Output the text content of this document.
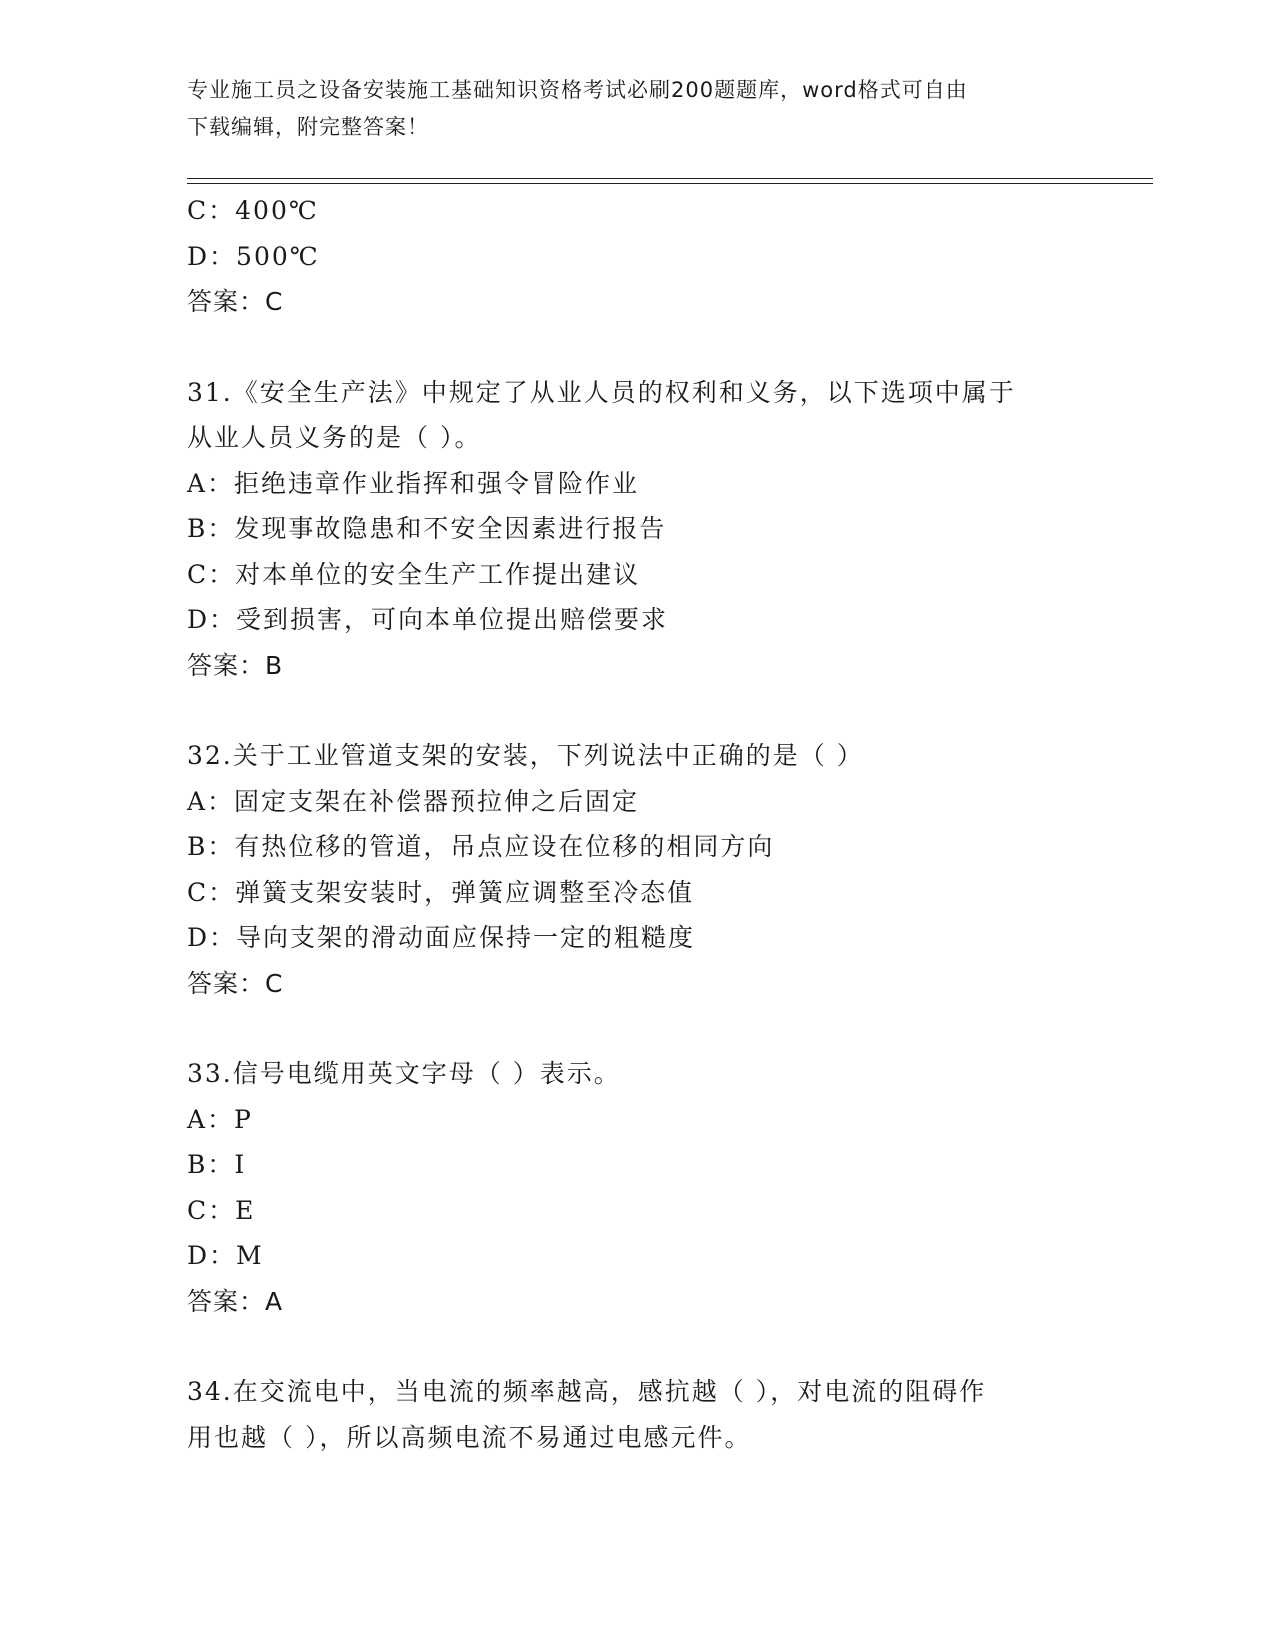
专业施工员之设备安装施工基础知识资格考试必刷200题题库，word格式可自由
下载编辑，附完整答案！
C：400℃
D：500℃
答案：C
31.《安全生产法》中规定了从业人员的权利和义务，以下选项中属于
从业人员义务的是（ ）。
A：拒绝违章作业指挥和强令冒险作业
B：发现事故隐患和不安全因素进行报告
C：对本单位的安全生产工作提出建议
D：受到损害，可向本单位提出赔偿要求
答案：B
32.关于工业管道支架的安装，下列说法中正确的是（ ）
A：固定支架在补偿器预拉伸之后固定
B：有热位移的管道，吊点应设在位移的相同方向
C：弹簧支架安装时，弹簧应调整至冷态值
D：导向支架的滑动面应保持一定的粗糙度
答案：C
33.信号电缆用英文字母（ ）表示。
A：P
B：I
C：E
D：M
答案：A
34.在交流电中，当电流的频率越高，感抗越（ ），对电流的阻碍作
用也越（ ），所以高频电流不易通过电感元件。
